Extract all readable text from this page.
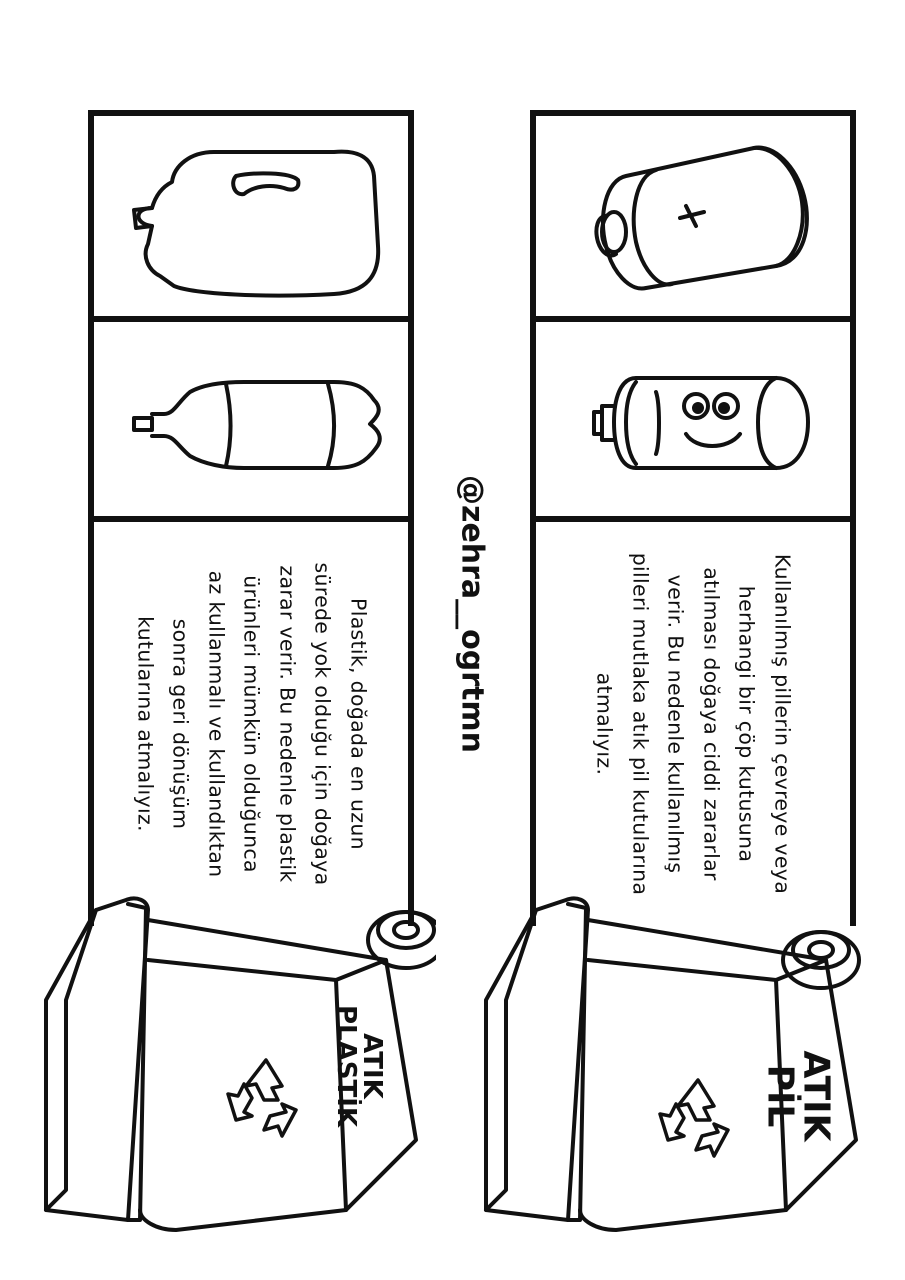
Plastik, doğada en uzun
sürede yok olduğu için doğaya
zarar verir. Bu nedenle plastik
ürünleri mümkün olduğunca
az kullanmalı ve kullandıktan
sonra geri dönüşüm
kutularına atmalıyız.	Kullanılmış pillerin çevreye veya
herhangi bir çöp kutusuna
atılması doğaya ciddi zararlar
verir. Bu nedenle kullanılmış
pilleri mutlaka atık pil kutularına
atmalıyız.
@zehra__ogrtmn
ATIK
PLASTİK	ATIK
PİL
